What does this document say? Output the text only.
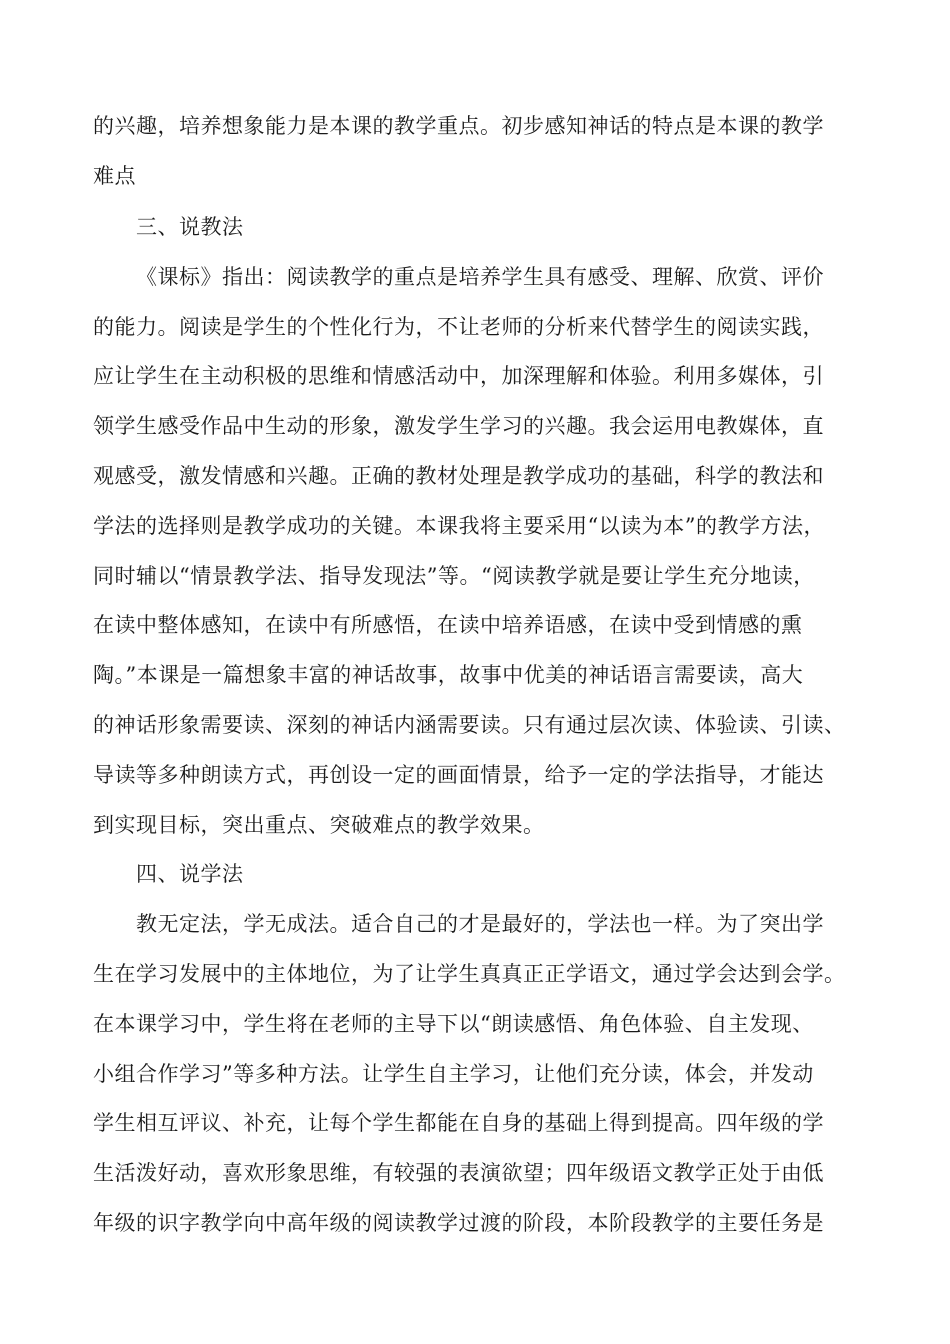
的兴趣，培养想象能力是本课的教学重点。初步感知神话的特点是本课的教学
难点
三、说教法
《课标》指出：阅读教学的重点是培养学生具有感受、理解、欣赏、评价
的能力。阅读是学生的个性化行为，不让老师的分析来代替学生的阅读实践，
应让学生在主动积极的思维和情感活动中，加深理解和体验。利用多媒体，引
领学生感受作品中生动的形象，激发学生学习的兴趣。我会运用电教媒体，直
观感受，激发情感和兴趣。正确的教材处理是教学成功的基础，科学的教法和
学法的选择则是教学成功的关键。本课我将主要采用“以读为本”的教学方法，
同时辅以“情景教学法、指导发现法”等。“阅读教学就是要让学生充分地读，
在读中整体感知，在读中有所感悟，在读中培养语感，在读中受到情感的熏
陶。”本课是一篇想象丰富的神话故事，故事中优美的神话语言需要读，高大
的神话形象需要读、深刻的神话内涵需要读。只有通过层次读、体验读、引读、
导读等多种朗读方式，再创设一定的画面情景，给予一定的学法指导，才能达
到实现目标，突出重点、突破难点的教学效果。
四、说学法
教无定法，学无成法。适合自己的才是最好的，学法也一样。为了突出学
生在学习发展中的主体地位，为了让学生真真正正学语文，通过学会达到会学。
在本课学习中，学生将在老师的主导下以“朗读感悟、角色体验、自主发现、
小组合作学习”等多种方法。让学生自主学习，让他们充分读，体会，并发动
学生相互评议、补充，让每个学生都能在自身的基础上得到提高。四年级的学
生活泼好动，喜欢形象思维，有较强的表演欲望；四年级语文教学正处于由低
年级的识字教学向中高年级的阅读教学过渡的阶段，本阶段教学的主要任务是
